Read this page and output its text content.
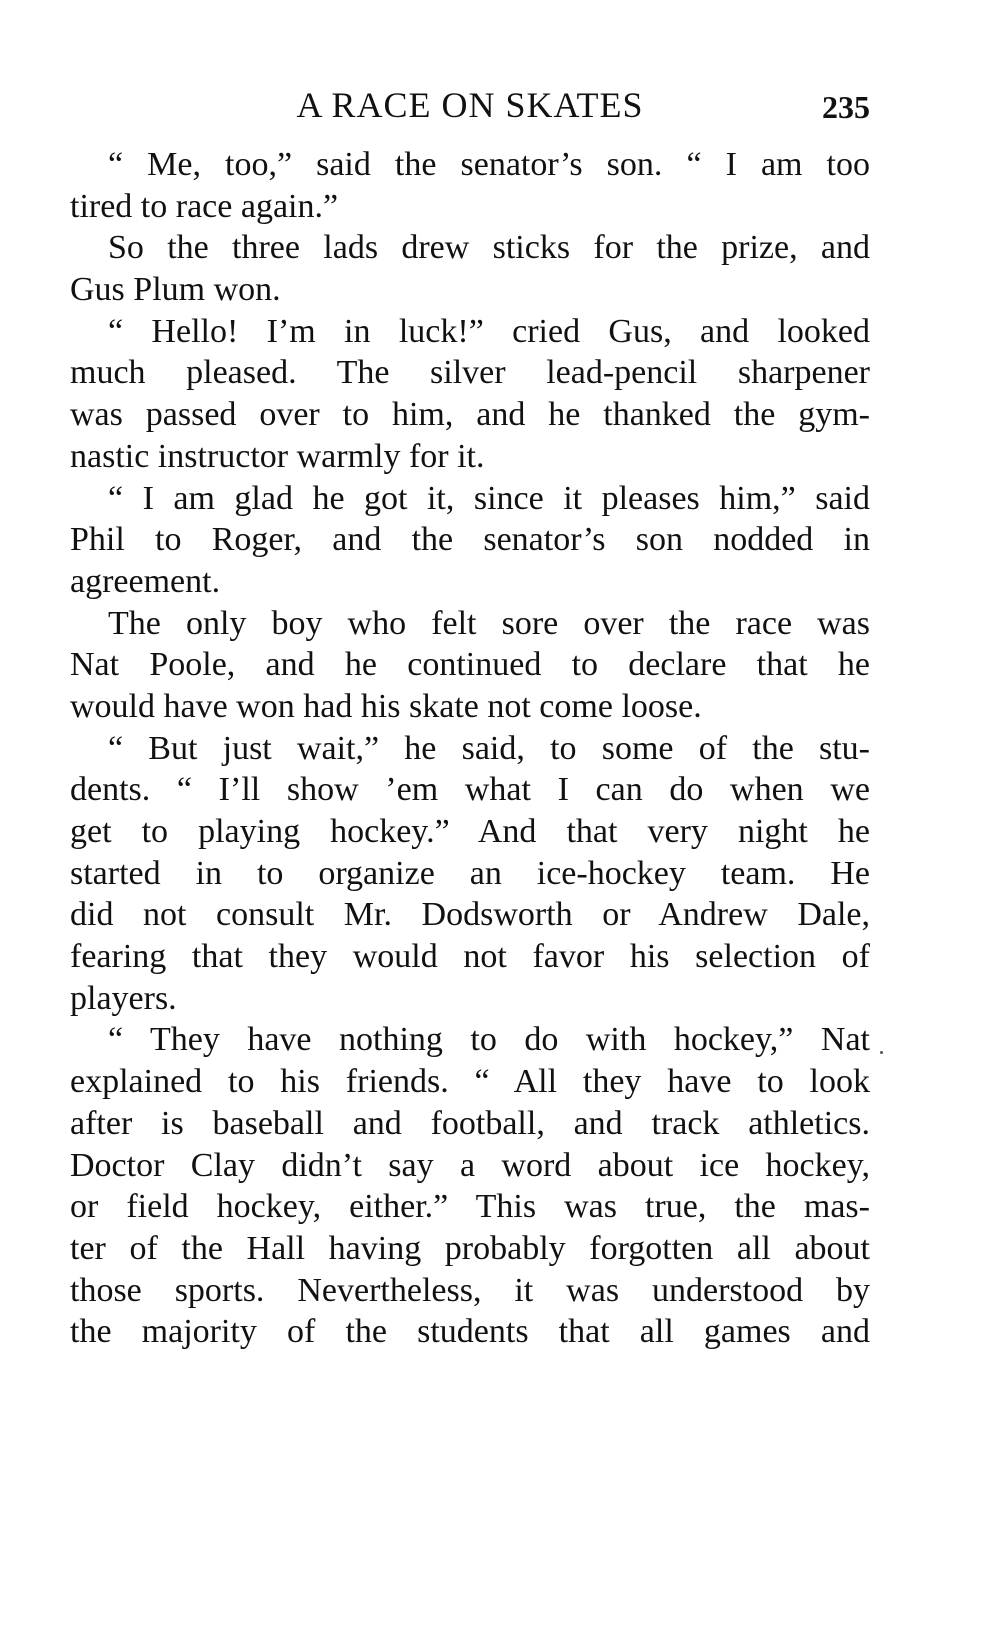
A RACE ON SKATES	235
“ Me, too,” said the senator’s son. “ I am too
tired to race again.”
So the three lads drew sticks for the prize, and
Gus Plum won.
“ Hello! I’m in luck!” cried Gus, and looked
much pleased. The silver lead-pencil sharpener
was passed over to him, and he thanked the gym-
nastic instructor warmly for it.
“ I am glad he got it, since it pleases him,” said
Phil to Roger, and the senator’s son nodded in
agreement.
The only boy who felt sore over the race was
Nat Poole, and he continued to declare that he
would have won had his skate not come loose.
“ But just wait,” he said, to some of the stu-
dents. “ I’ll show ’em what I can do when we
get to playing hockey.” And that very night he
started in to organize an ice-hockey team. He
did not consult Mr. Dodsworth or Andrew Dale,
fearing that they would not favor his selection of
players.
“ They have nothing to do with hockey,” Nat
explained to his friends. “ All they have to look
after is baseball and football, and track athletics.
Doctor Clay didn’t say a word about ice hockey,
or field hockey, either.” This was true, the mas-
ter of the Hall having probably forgotten all about
those sports. Nevertheless, it was understood by
the majority of the students that all games and
